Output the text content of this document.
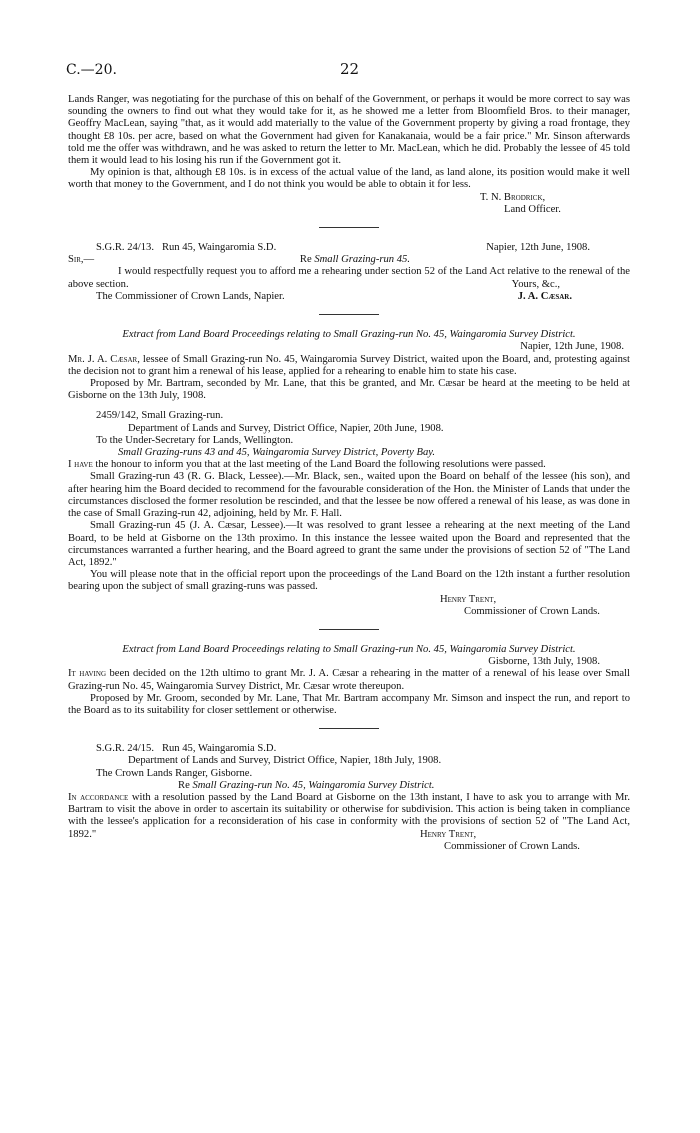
C.—20.	22

Lands Ranger, was negotiating for the purchase of this on behalf of the Government, or perhaps it would be more correct to say was sounding the owners to find out what they would take for it, as he showed me a letter from Bloomfield Bros. to their manager, Geoffry MacLean, saying "that, as it would add materially to the value of the Government property by giving a road frontage, they thought £8 10s. per acre, based on what the Government had given for Kanakanaia, would be a fair price." Mr. Sinson afterwards told me the offer was withdrawn, and he was asked to return the letter to Mr. MacLean, which he did. Probably the lessee of 45 told them it would lead to his losing his run if the Government got it.

My opinion is that, although £8 10s. is in excess of the actual value of the land, as land alone, its position would make it well worth that money to the Government, and I do not think you would be able to obtain it for less.

T. N. Brodrick,
Land Officer.
S.G.R. 24/13. Run 45, Waingaromia S.D.	Napier, 12th June, 1908.
Sir,—	Re Small Grazing-run 45.

I would respectfully request you to afford me a rehearing under section 52 of the Land Act relative to the renewal of the above section.	Yours, &c.,
The Commissioner of Crown Lands, Napier.	J. A. Cæsar.

Extract from Land Board Proceedings relating to Small Grazing-run No. 45, Waingaromia Survey District.

Napier, 12th June, 1908.

Mr. J. A. Cæsar, lessee of Small Grazing-run No. 45, Waingaromia Survey District, waited upon the Board, and, protesting against the decision not to grant him a renewal of his lease, applied for a rehearing to enable him to state his case.

Proposed by Mr. Bartram, seconded by Mr. Lane, that this be granted, and Mr. Cæsar be heard at the meeting to be held at Gisborne on the 13th July, 1908.

2459/142, Small Grazing-run.
Department of Lands and Survey, District Office, Napier, 20th June, 1908.
To the Under-Secretary for Lands, Wellington.
Small Grazing-runs 43 and 45, Waingaromia Survey District, Poverty Bay.

I have the honour to inform you that at the last meeting of the Land Board the following resolutions were passed.

Small Grazing-run 43 (R. G. Black, Lessee).—Mr. Black, sen., waited upon the Board on behalf of the lessee (his son), and after hearing him the Board decided to recommend for the favourable consideration of the Hon. the Minister of Lands that under the circumstances disclosed the former resolution be rescinded, and that the lessee be now offered a renewal of his lease, as was done in the case of Small Grazing-run 42, adjoining, held by Mr. F. Hall.

Small Grazing-run 45 (J. A. Cæsar, Lessee).—It was resolved to grant lessee a rehearing at the next meeting of the Land Board, to be held at Gisborne on the 13th proximo. In this instance the lessee waited upon the Board and represented that the circumstances warranted a further hearing, and the Board agreed to grant the same under the provisions of section 52 of "The Land Act, 1892."

You will please note that in the official report upon the proceedings of the Land Board on the 12th instant a further resolution bearing upon the subject of small grazing-runs was passed.

Henry Trent,
Commissioner of Crown Lands.

Extract from Land Board Proceedings relating to Small Grazing-run No. 45, Waingaromia Survey District.

Gisborne, 13th July, 1908.

It having been decided on the 12th ultimo to grant Mr. J. A. Cæsar a rehearing in the matter of a renewal of his lease over Small Grazing-run No. 45, Waingaromia Survey District, Mr. Cæsar wrote thereupon.

Proposed by Mr. Groom, seconded by Mr. Lane, That Mr. Bartram accompany Mr. Simson and inspect the run, and report to the Board as to its suitability for closer settlement or otherwise.

S.G.R. 24/15. Run 45, Waingaromia S.D.
Department of Lands and Survey, District Office, Napier, 18th July, 1908.
The Crown Lands Ranger, Gisborne.
Re Small Grazing-run No. 45, Waingaromia Survey District.

In accordance with a resolution passed by the Land Board at Gisborne on the 13th instant, I have to ask you to arrange with Mr. Bartram to visit the above in order to ascertain its suitability or otherwise for subdivision. This action is being taken in compliance with the lessee's application for a reconsideration of his case in conformity with the provisions of section 52 of "The Land Act, 1892."	Henry Trent,
Commissioner of Crown Lands.
